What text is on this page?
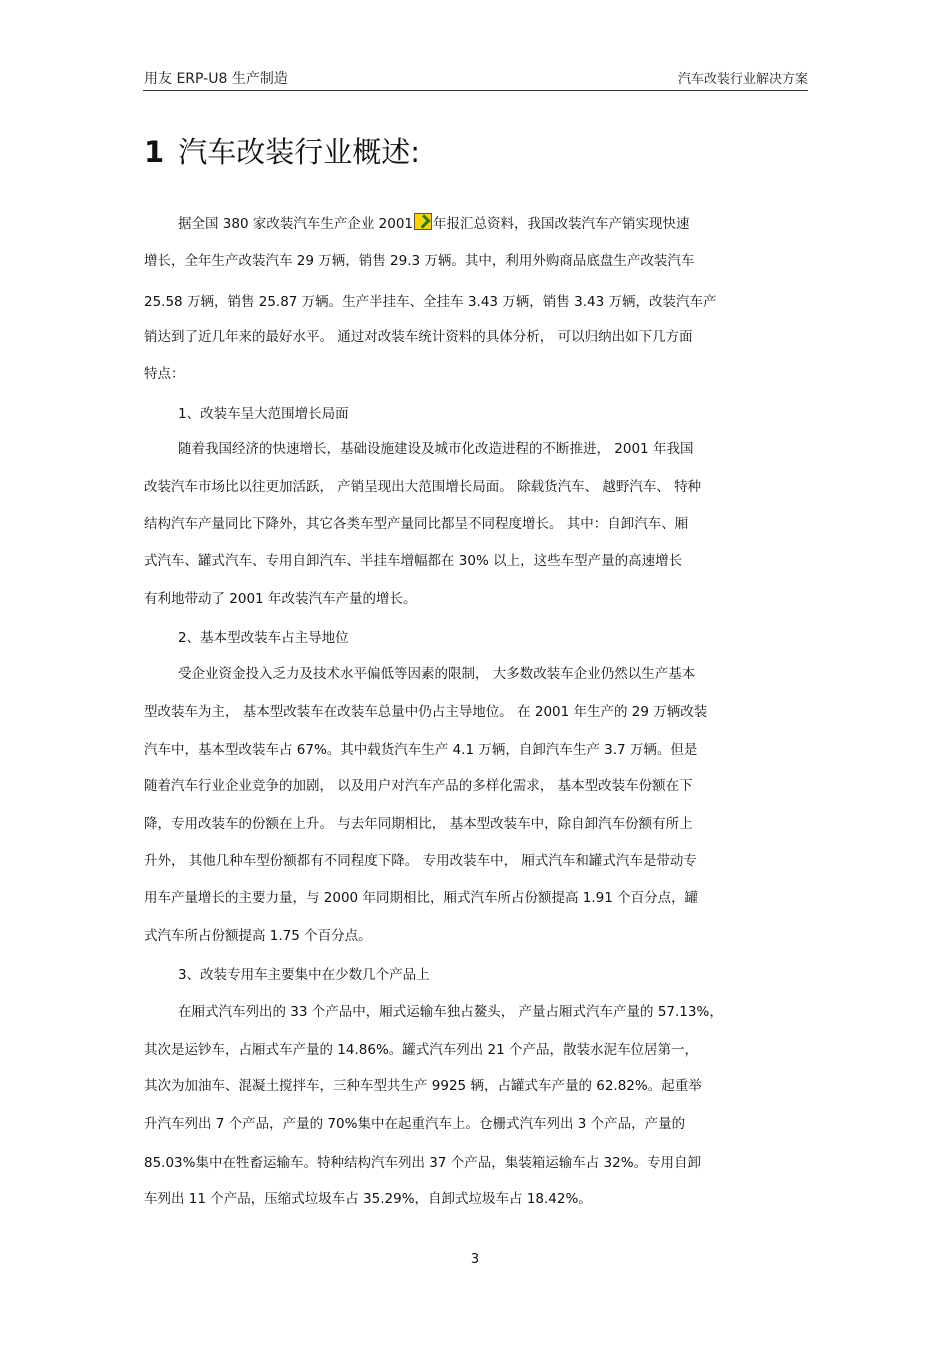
用友 ERP-U8 生产制造	汽车改装行业解决方案
1 汽车改装行业概述:
据全国 380 家改装汽车生产企业 2001 年报汇总资料，我国改装汽车产销实现快速
增长，全年生产改装汽车 29 万辆，销售 29.3 万辆。其中，利用外购商品底盘生产改装汽车
25.58 万辆，销售 25.87 万辆。生产半挂车、全挂车 3.43 万辆，销售 3.43 万辆，改装汽车产
销达到了近几年来的最好水平。 通过对改装车统计资料的具体分析， 可以归纳出如下几方面
特点：
1、改装车呈大范围增长局面
随着我国经济的快速增长，基础设施建设及城市化改造进程的不断推进， 2001 年我国
改装汽车市场比以往更加活跃， 产销呈现出大范围增长局面。 除载货汽车、 越野汽车、 特种
结构汽车产量同比下降外，其它各类车型产量同比都呈不同程度增长。 其中：自卸汽车、厢
式汽车、罐式汽车、专用自卸汽车、半挂车增幅都在 30% 以上，这些车型产量的高速增长
有利地带动了 2001 年改装汽车产量的增长。
2、基本型改装车占主导地位
受企业资金投入乏力及技术水平偏低等因素的限制， 大多数改装车企业仍然以生产基本
型改装车为主， 基本型改装车在改装车总量中仍占主导地位。 在 2001 年生产的 29 万辆改装
汽车中，基本型改装车占 67%。其中载货汽车生产 4.1 万辆，自卸汽车生产 3.7 万辆。但是
随着汽车行业企业竞争的加剧， 以及用户对汽车产品的多样化需求， 基本型改装车份额在下
降，专用改装车的份额在上升。 与去年同期相比， 基本型改装车中，除自卸汽车份额有所上
升外， 其他几种车型份额都有不同程度下降。 专用改装车中， 厢式汽车和罐式汽车是带动专
用车产量增长的主要力量，与 2000 年同期相比，厢式汽车所占份额提高 1.91 个百分点，罐
式汽车所占份额提高 1.75 个百分点。
3、改装专用车主要集中在少数几个产品上
在厢式汽车列出的 33 个产品中，厢式运输车独占鳌头， 产量占厢式汽车产量的 57.13%，
其次是运钞车，占厢式车产量的 14.86%。罐式汽车列出 21 个产品，散装水泥车位居第一，
其次为加油车、混凝土搅拌车，三种车型共生产 9925 辆，占罐式车产量的 62.82%。起重举
升汽车列出 7 个产品，产量的 70%集中在起重汽车上。仓栅式汽车列出 3 个产品，产量的
85.03%集中在牲畜运输车。特种结构汽车列出 37 个产品，集装箱运输车占 32%。专用自卸
车列出 11 个产品，压缩式垃圾车占 35.29%，自卸式垃圾车占 18.42%。
3
